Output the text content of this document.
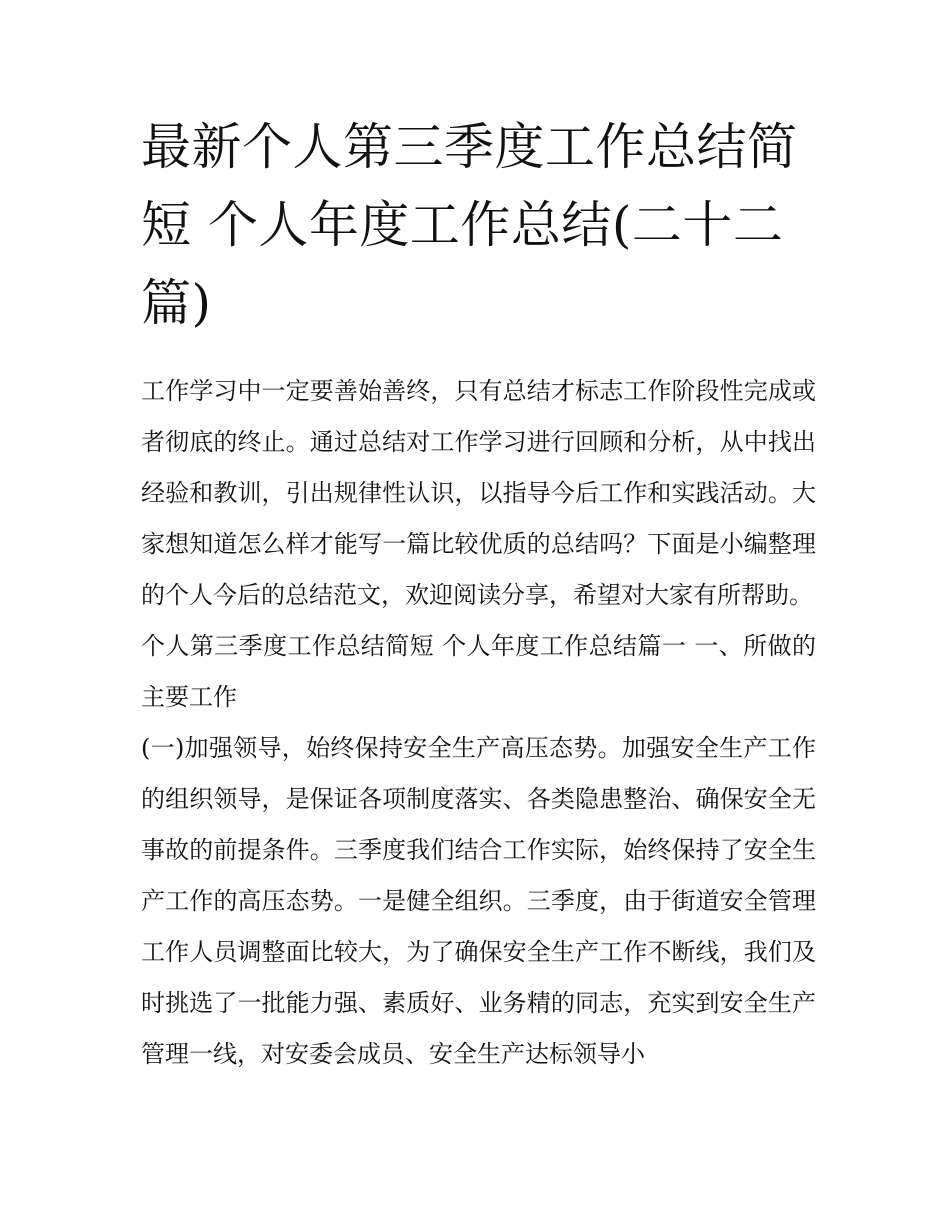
最新个人第三季度工作总结简短 个人年度工作总结(二十二篇)

工作学习中一定要善始善终，只有总结才标志工作阶段性完成或者彻底的终止。通过总结对工作学习进行回顾和分析，从中找出经验和教训，引出规律性认识，以指导今后工作和实践活动。大家想知道怎么样才能写一篇比较优质的总结吗？下面是小编整理的个人今后的总结范文，欢迎阅读分享，希望对大家有所帮助。

个人第三季度工作总结简短 个人年度工作总结篇一 一、所做的主要工作

(一)加强领导，始终保持安全生产高压态势。加强安全生产工作的组织领导，是保证各项制度落实、各类隐患整治、确保安全无事故的前提条件。三季度我们结合工作实际，始终保持了安全生产工作的高压态势。一是健全组织。三季度，由于街道安全管理工作人员调整面比较大，为了确保安全生产工作不断线，我们及时挑选了一批能力强、素质好、业务精的同志，充实到安全生产管理一线，对安委会成员、安全生产达标领导小
